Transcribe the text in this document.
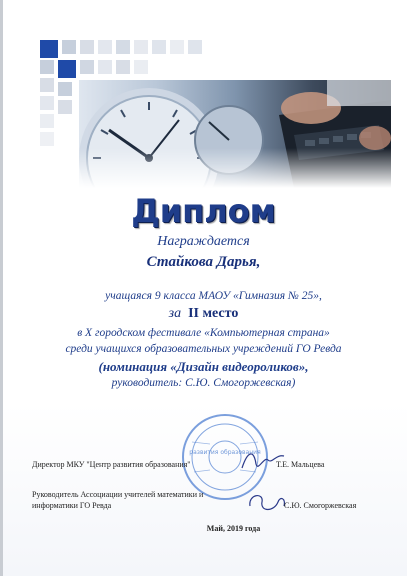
Диплом
Награждается
Стайкова Дарья,
учащаяся 9 класса МАОУ «Гимназия № 25»,
за II место
в Х городском фестивале «Компьютерная страна»
среди учащихся образовательных учреждений ГО Ревда
(номинация «Дизайн видеороликов»,
руководитель: С.Ю. Смогоржевская)
развития образования
Директор МКУ "Центр развития образования"	Т.Е. Мальцева
Руководитель Ассоциации учителей математики и
информатики ГО Ревда	С.Ю. Смогоржевская
Май, 2019 года
